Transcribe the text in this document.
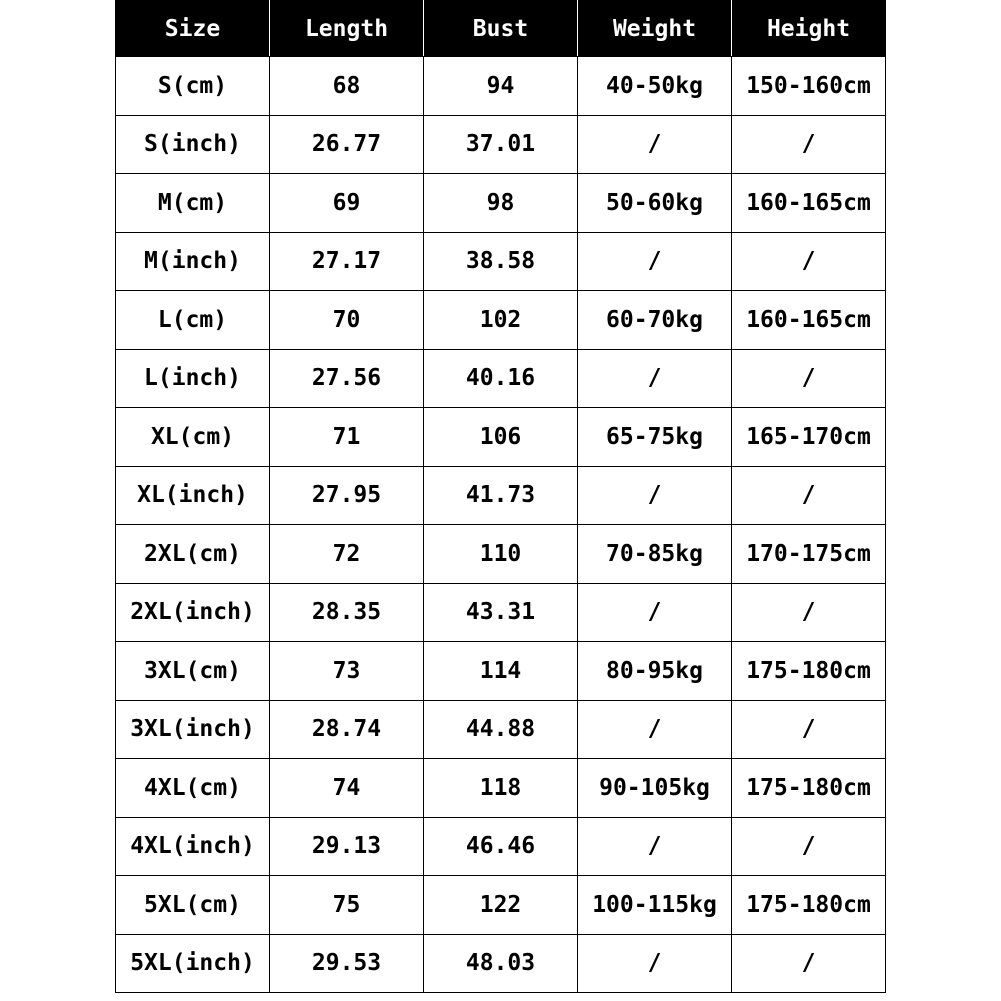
Size	Length	Bust	Weight	Height
S(cm)	68	94	40-50kg	150-160cm
S(inch)	26.77	37.01	/	/
M(cm)	69	98	50-60kg	160-165cm
M(inch)	27.17	38.58	/	/
L(cm)	70	102	60-70kg	160-165cm
L(inch)	27.56	40.16	/	/
XL(cm)	71	106	65-75kg	165-170cm
XL(inch)	27.95	41.73	/	/
2XL(cm)	72	110	70-85kg	170-175cm
2XL(inch)	28.35	43.31	/	/
3XL(cm)	73	114	80-95kg	175-180cm
3XL(inch)	28.74	44.88	/	/
4XL(cm)	74	118	90-105kg	175-180cm
4XL(inch)	29.13	46.46	/	/
5XL(cm)	75	122	100-115kg	175-180cm
5XL(inch)	29.53	48.03	/	/
